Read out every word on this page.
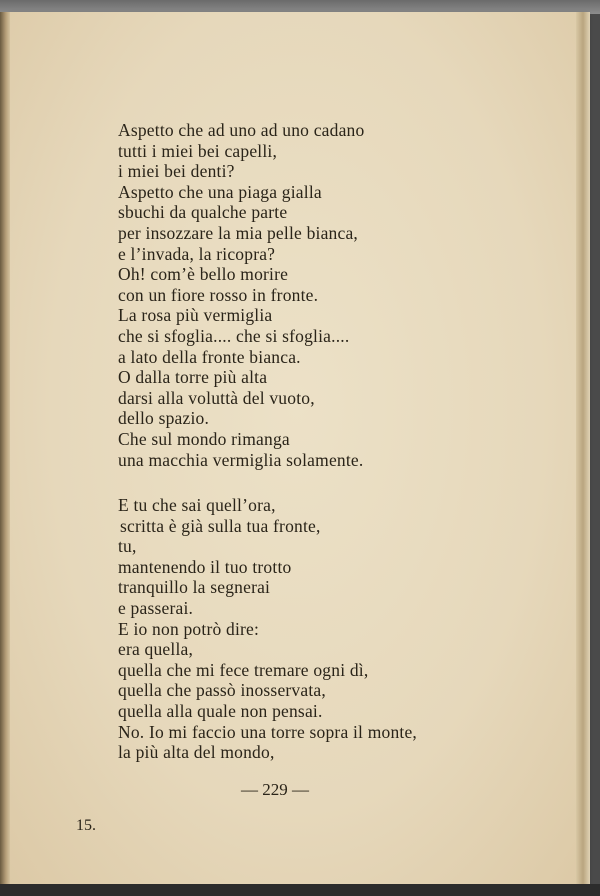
Aspetto che ad uno ad uno cadano
tutti i miei bei capelli,
i miei bei denti?
Aspetto che una piaga gialla
sbuchi da qualche parte
per insozzare la mia pelle bianca,
e l’invada, la ricopra?
Oh! com’è bello morire
con un fiore rosso in fronte.
La rosa più vermiglia
che si sfoglia.... che si sfoglia....
a lato della fronte bianca.
O dalla torre più alta
darsi alla voluttà del vuoto,
dello spazio.
Che sul mondo rimanga
una macchia vermiglia solamente.
E tu che sai quell’ora,
scritta è già sulla tua fronte,
tu,
mantenendo il tuo trotto
tranquillo la segnerai
e passerai.
E io non potrò dire:
era quella,
quella che mi fece tremare ogni dì,
quella che passò inosservata,
quella alla quale non pensai.
No. Io mi faccio una torre sopra il monte,
la più alta del mondo,
— 229 —
15.
